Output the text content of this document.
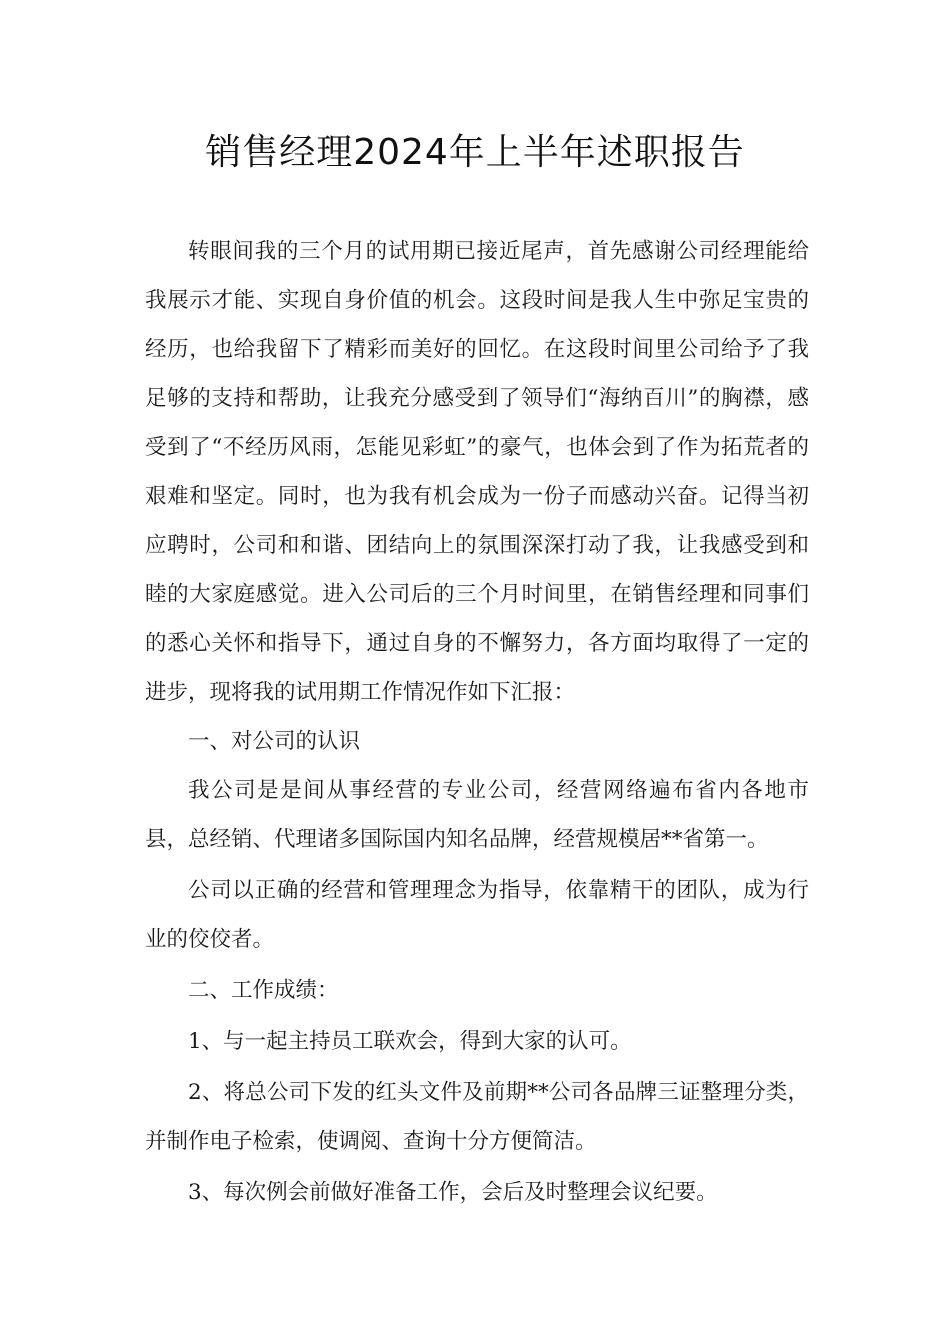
销售经理2024年上半年述职报告

转眼间我的三个月的试用期已接近尾声，首先感谢公司经理能给我展示才能、实现自身价值的机会。这段时间是我人生中弥足宝贵的经历，也给我留下了精彩而美好的回忆。在这段时间里公司给予了我足够的支持和帮助，让我充分感受到了领导们“海纳百川”的胸襟，感受到了“不经历风雨，怎能见彩虹”的豪气，也体会到了作为拓荒者的艰难和坚定。同时，也为我有机会成为一份子而感动兴奋。记得当初应聘时，公司和和谐、团结向上的氛围深深打动了我，让我感受到和睦的大家庭感觉。进入公司后的三个月时间里，在销售经理和同事们的悉心关怀和指导下，通过自身的不懈努力，各方面均取得了一定的进步，现将我的试用期工作情况作如下汇报：

一、对公司的认识

我公司是是间从事经营的专业公司，经营网络遍布省内各地市县，总经销、代理诸多国际国内知名品牌，经营规模居**省第一。

公司以正确的经营和管理理念为指导，依靠精干的团队，成为行业的佼佼者。

二、工作成绩：

1、与一起主持员工联欢会，得到大家的认可。

2、将总公司下发的红头文件及前期**公司各品牌三证整理分类，并制作电子检索，使调阅、查询十分方便简洁。

3、每次例会前做好准备工作，会后及时整理会议纪要。
